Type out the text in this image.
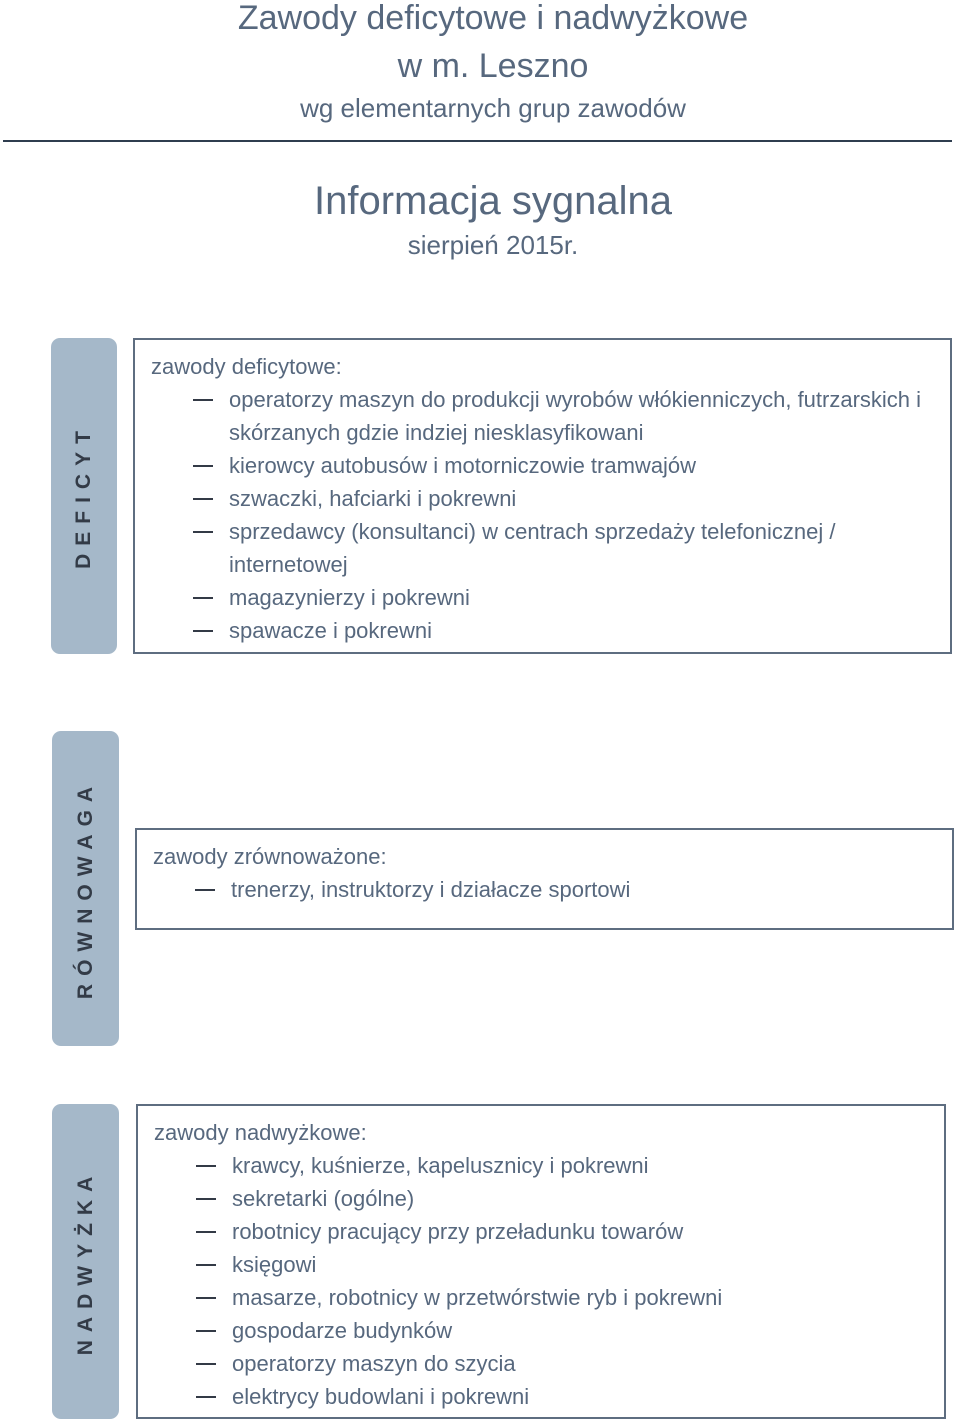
Zawody deficytowe i nadwyżkowe
w m. Leszno
wg elementarnych grup zawodów
Informacja sygnalna
sierpień 2015r.
DEFICYT
zawody deficytowe:
operatorzy maszyn do produkcji wyrobów włókienniczych, futrzarskich i skórzanych gdzie indziej niesklasyfikowani
kierowcy autobusów i motorniczowie tramwajów
szwaczki, hafciarki i pokrewni
sprzedawcy (konsultanci) w centrach sprzedaży telefonicznej / internetowej
magazynierzy i pokrewni
spawacze i pokrewni
RÓWNOWAGA	zawody zrównoważone:
trenerzy, instruktorzy i działacze sportowi
NADWYŻKA
zawody nadwyżkowe:
krawcy, kuśnierze, kapelusznicy i pokrewni
sekretarki (ogólne)
robotnicy pracujący przy przeładunku towarów
księgowi
masarze, robotnicy w przetwórstwie ryb i pokrewni
gospodarze budynków
operatorzy maszyn do szycia
elektrycy budowlani i pokrewni
